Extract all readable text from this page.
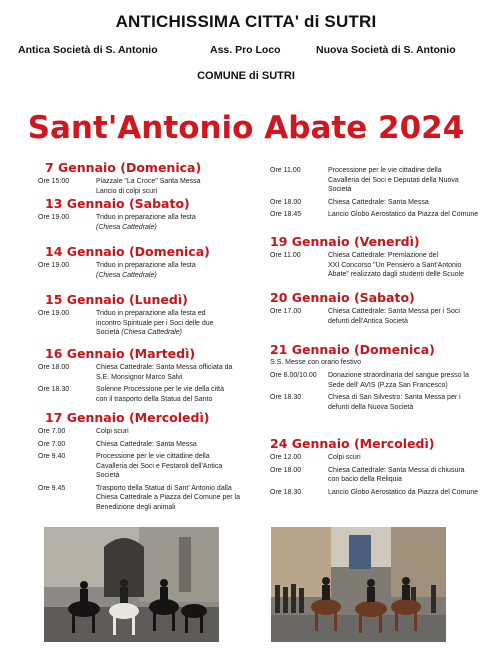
ANTICHISSIMA CITTA' di SUTRI
Antica Società di S. Antonio	Ass. Pro Loco	Nuova Società di S. Antonio
COMUNE di SUTRI
Sant'Antonio Abate 2024
7 Gennaio (Domenica)
Ore 15:00	Piazzale "La Croce" Santa Messa
Lancio di colpi scuri
13 Gennaio (Sabato)
Ore 19.00	Triduo in preparazione alla festa
(Chiesa Cattedrale)
14 Gennaio (Domenica)
Ore 19.00	Triduo in preparazione alla festa
(Chiesa Cattedrale)
15 Gennaio (Lunedì)
Ore 19.00	Triduo in preparazione alla festa ed
incontro Spirituale per i Soci delle due
Società (Chiesa Cattedrale)
16 Gennaio (Martedì)
Ore 18.00	Chiesa Cattedrale: Santa Messa officiata da
S.E. Monsignor Marco Salvi
Ore 18.30	Solenne Processione per le vie della città
con il trasporto della Statua del Santo
17 Gennaio (Mercoledì)
Ore 7.00	Colpi scuri
Ore 7.00	Chiesa Cattedrale: Santa Messa
Ore 9.40	Processione per le vie cittadine della
Cavalleria dei Soci e Festaroli dell'Antica
Società
Ore 9.45	Trasporto della Statua di Sant' Antonio dalla
Chiesa Cattedrale a Piazza del Comune per la
Benedizione degli animali
Ore 11.00	Processione per le vie cittadine della
Cavalleria dei Soci e Deputati della Nuova
Società
Ore 18.00	Chiesa Cattedrale: Santa Messa
Ore 18.45	Lancio Globo Aerostatico da Piazza del Comune
19 Gennaio (Venerdì)
Ore 11.00	Chiesa Cattedrale: Premiazione del
XXI Concorso "Un Pensiero a Sant'Antonio
Abate" realizzato dagli studenti delle Scuole
20 Gennaio (Sabato)
Ore 17.00	Chiesa Cattedrale: Santa Messa per i Soci
defunti dell'Antica Società
21 Gennaio (Domenica)
S.S. Messe con orario festivo
Ore 8.00/10.00 Donazione straordinaria del sangue presso la
Sede dell' AVIS (P.zza San Francesco)
Ore 18.30	Chiesa di San Silvestro: Santa Messa per i
defunti della Nuova Società
24 Gennaio (Mercoledì)
Ore 12.00	Colpi scuri
Ore 18.00	Chiesa Cattedrale: Santa Messa di chiusura
con bacio della Reliquia
Ore 18.30	Lancio Globo Aerostatico da Piazza del Comune
